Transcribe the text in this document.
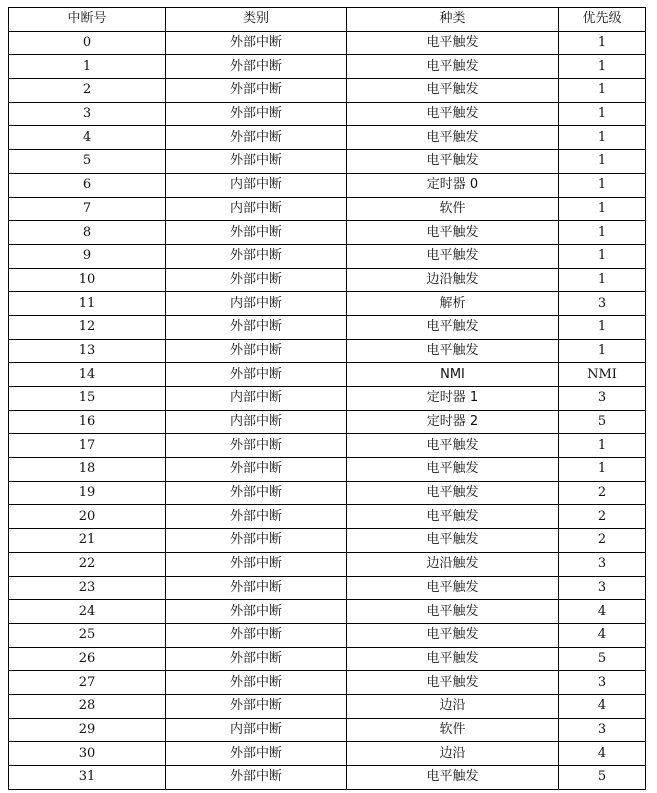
中断号	类别	种类	优先级
0	外部中断	电平触发	1
1	外部中断	电平触发	1
2	外部中断	电平触发	1
3	外部中断	电平触发	1
4	外部中断	电平触发	1
5	外部中断	电平触发	1
6	内部中断	定时器 0	1
7	内部中断	软件	1
8	外部中断	电平触发	1
9	外部中断	电平触发	1
10	外部中断	边沿触发	1
11	内部中断	解析	3
12	外部中断	电平触发	1
13	外部中断	电平触发	1
14	外部中断	NMI	NMI
15	内部中断	定时器 1	3
16	内部中断	定时器 2	5
17	外部中断	电平触发	1
18	外部中断	电平触发	1
19	外部中断	电平触发	2
20	外部中断	电平触发	2
21	外部中断	电平触发	2
22	外部中断	边沿触发	3
23	外部中断	电平触发	3
24	外部中断	电平触发	4
25	外部中断	电平触发	4
26	外部中断	电平触发	5
27	外部中断	电平触发	3
28	外部中断	边沿	4
29	内部中断	软件	3
30	外部中断	边沿	4
31	外部中断	电平触发	5
